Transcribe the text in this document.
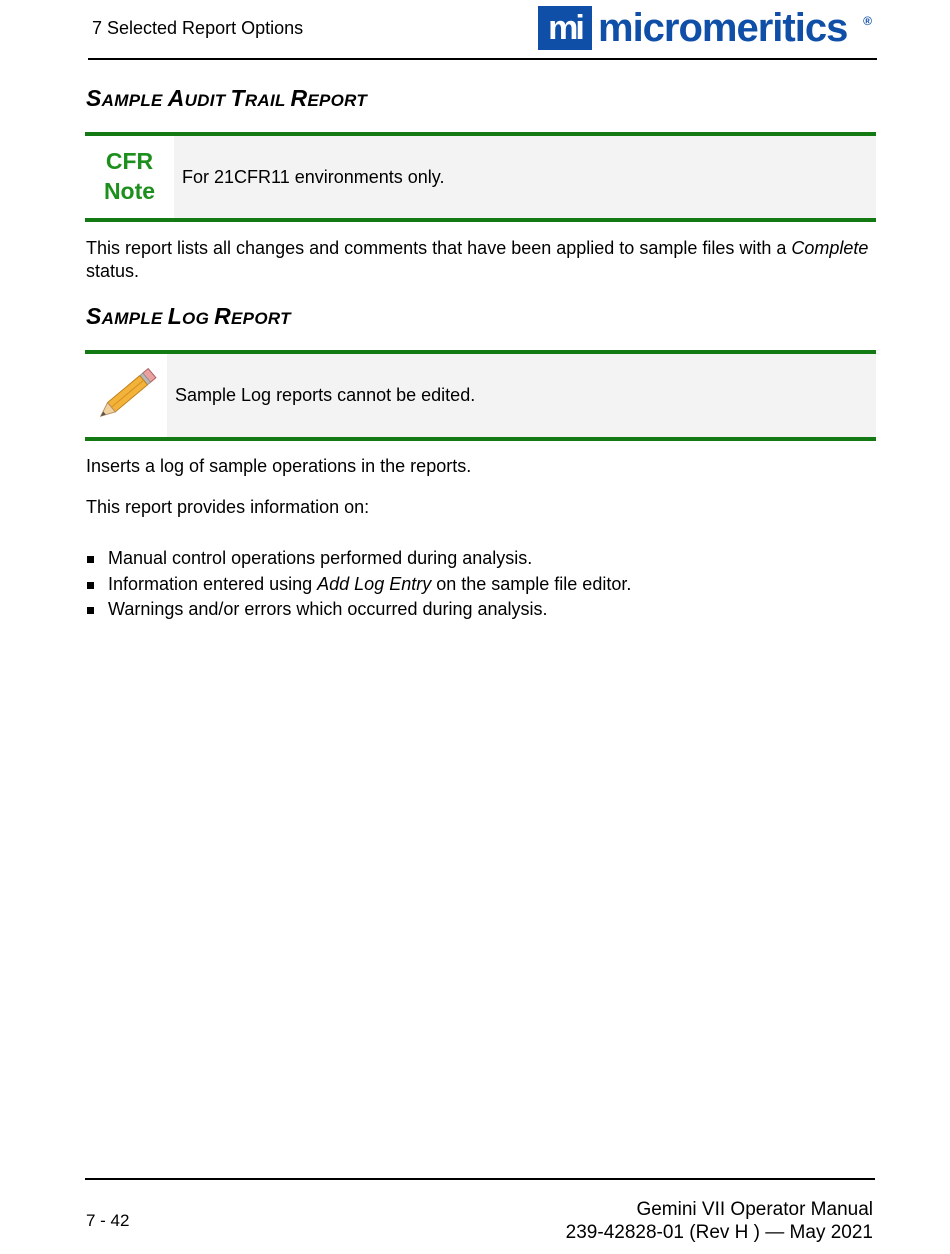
7 Selected Report Options	mi micromeritics ®
SAMPLE AUDIT TRAIL REPORT
CFR
Note
For 21CFR11 environments only.

This report lists all changes and comments that have been applied to sample files with a Complete status.

SAMPLE LOG REPORT
Sample Log reports cannot be edited.

Inserts a log of sample operations in the reports.

This report provides information on:

Manual control operations performed during analysis.
Information entered using Add Log Entry on the sample file editor.
Warnings and/or errors which occurred during analysis.
7 - 42
Gemini VII Operator Manual
239-42828-01 (Rev H ) — May 2021
